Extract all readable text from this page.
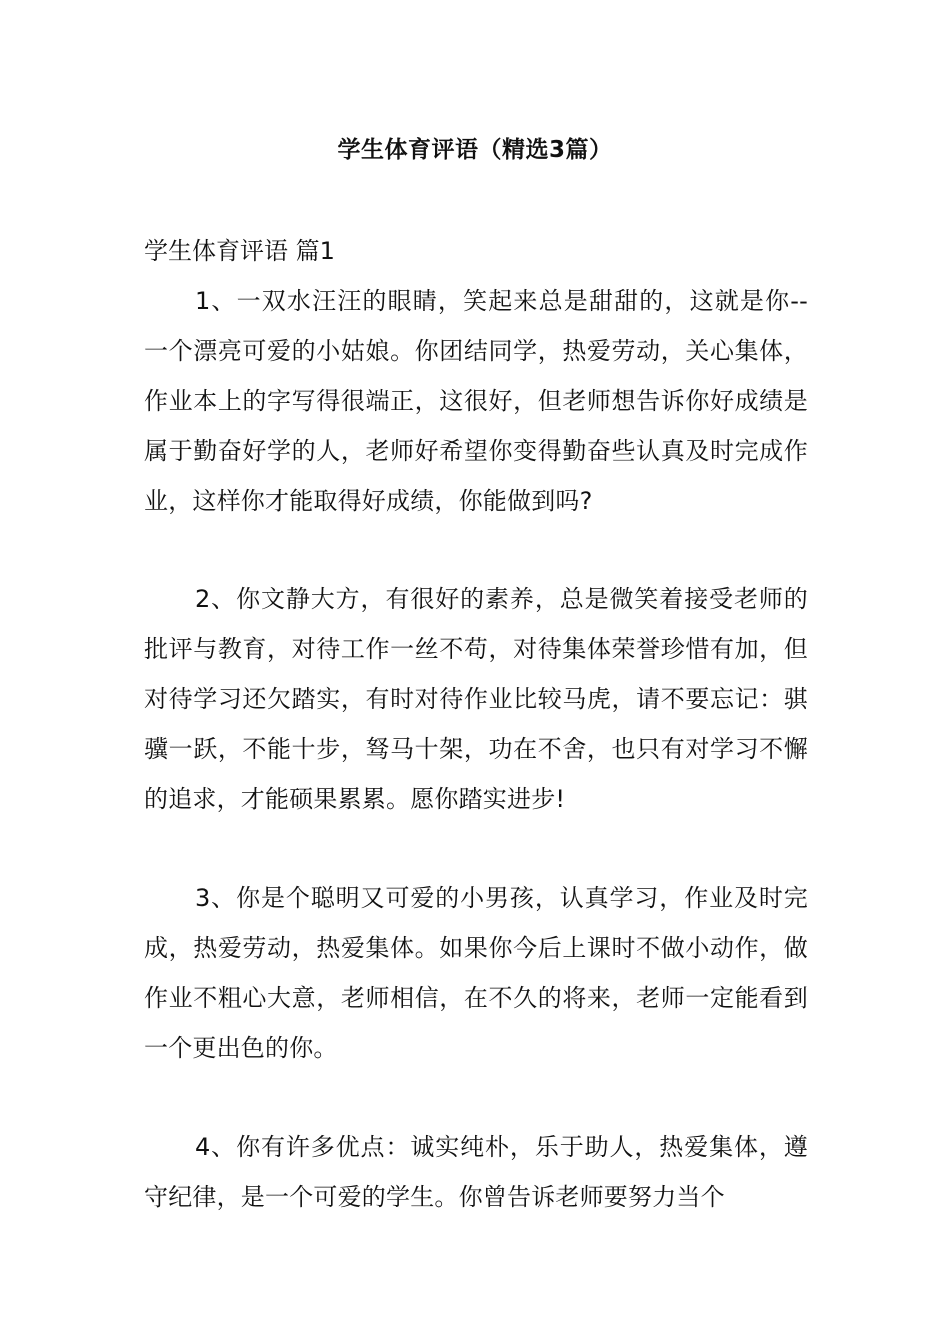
学生体育评语（精选3篇）
学生体育评语 篇1

1、一双水汪汪的眼睛，笑起来总是甜甜的，这就是你--一个漂亮可爱的小姑娘。你团结同学，热爱劳动，关心集体，作业本上的字写得很端正，这很好，但老师想告诉你好成绩是属于勤奋好学的人，老师好希望你变得勤奋些认真及时完成作业，这样你才能取得好成绩，你能做到吗?

2、你文静大方，有很好的素养，总是微笑着接受老师的批评与教育，对待工作一丝不苟，对待集体荣誉珍惜有加，但对待学习还欠踏实，有时对待作业比较马虎，请不要忘记：骐骥一跃，不能十步，驽马十架，功在不舍，也只有对学习不懈的追求，才能硕果累累。愿你踏实进步!

3、你是个聪明又可爱的小男孩，认真学习，作业及时完成，热爱劳动，热爱集体。如果你今后上课时不做小动作，做作业不粗心大意，老师相信，在不久的将来，老师一定能看到一个更出色的你。

4、你有许多优点：诚实纯朴，乐于助人，热爱集体，遵守纪律，是一个可爱的学生。你曾告诉老师要努力当个
